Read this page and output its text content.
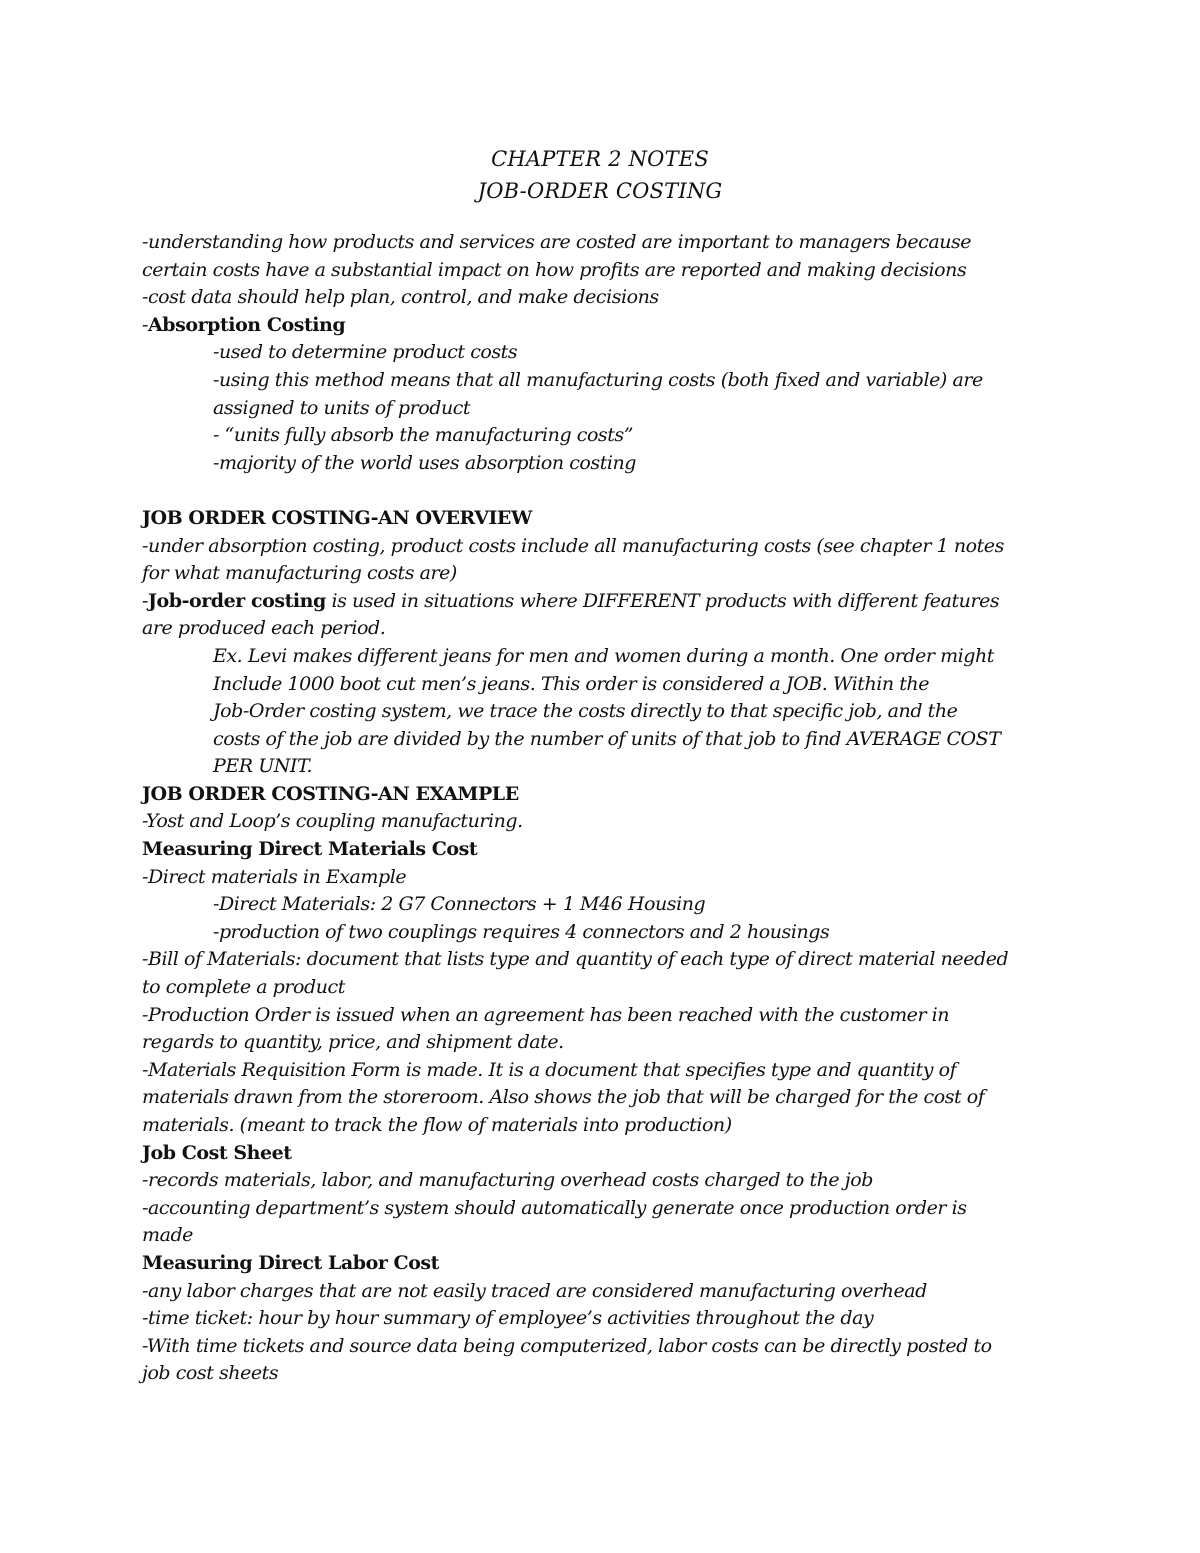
CHAPTER 2 NOTES
JOB-ORDER COSTING
-understanding how products and services are costed are important to managers because
certain costs have a substantial impact on how profits are reported and making decisions
-cost data should help plan, control, and make decisions
-Absorption Costing
-used to determine product costs
-using this method means that all manufacturing costs (both fixed and variable) are
assigned to units of product
- “units fully absorb the manufacturing costs”
-majority of the world uses absorption costing
JOB ORDER COSTING-AN OVERVIEW
-under absorption costing, product costs include all manufacturing costs (see chapter 1 notes
for what manufacturing costs are)
-Job-order costing is used in situations where DIFFERENT products with different features
are produced each period.
Ex. Levi makes different jeans for men and women during a month. One order might
Include 1000 boot cut men’s jeans. This order is considered a JOB. Within the
Job-Order costing system, we trace the costs directly to that specific job, and the
costs of the job are divided by the number of units of that job to find AVERAGE COST
PER UNIT.
JOB ORDER COSTING-AN EXAMPLE
-Yost and Loop’s coupling manufacturing.
Measuring Direct Materials Cost
-Direct materials in Example
-Direct Materials: 2 G7 Connectors + 1 M46 Housing
-production of two couplings requires 4 connectors and 2 housings
-Bill of Materials: document that lists type and quantity of each type of direct material needed
to complete a product
-Production Order is issued when an agreement has been reached with the customer in
regards to quantity, price, and shipment date.
-Materials Requisition Form is made. It is a document that specifies type and quantity of
materials drawn from the storeroom. Also shows the job that will be charged for the cost of
materials. (meant to track the flow of materials into production)
Job Cost Sheet
-records materials, labor, and manufacturing overhead costs charged to the job
-accounting department’s system should automatically generate once production order is
made
Measuring Direct Labor Cost
-any labor charges that are not easily traced are considered manufacturing overhead
-time ticket: hour by hour summary of employee’s activities throughout the day
-With time tickets and source data being computerized, labor costs can be directly posted to
job cost sheets
